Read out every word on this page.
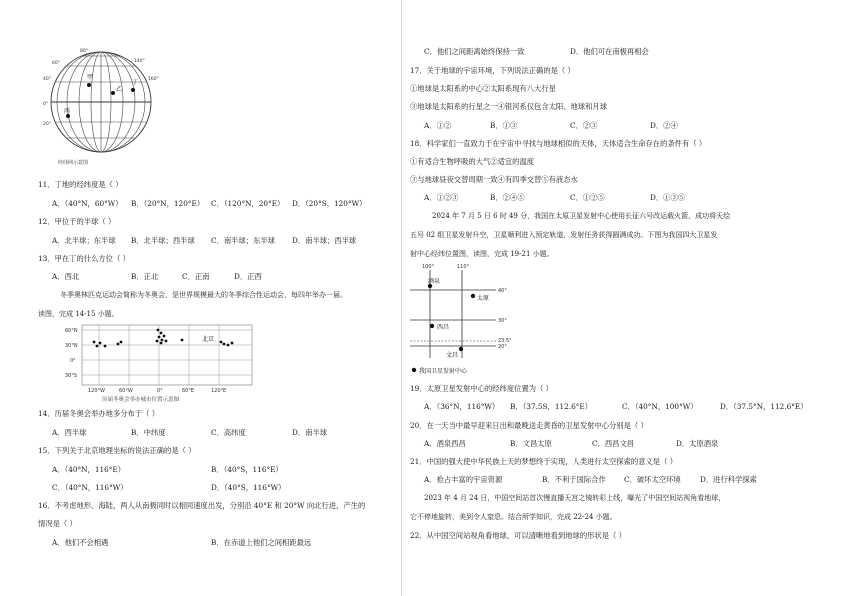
40°
0°
20°
60°
80°
160°
140°
甲
乙
丁
丙
经纬网示意图
11．丁地的经纬度是（ ）
A．（40°N，60°W） B．（20°N，120°E） C．（120°N，20°E） D．（20°S，120°W）
12．甲位于的半球（ ）
A．北半球；东半球 B．北半球；西半球 C．南半球；东半球 D．南半球；西半球
13．甲在丁的什么方位（ ）
A．西北	B．正北	C．正南	D．正西
冬季奥林匹克运动会简称为冬奥会，是世界规模最大的冬季综合性运动会，每四年举办一届。
读图，完成 14-15 小题。
60°N
30°N
0°
30°S
120°W	60°W	0°	60°E	120°E
北京
历届冬奥会举办城市位置示意图
14．历届冬奥会举办地多分布于（ ）
A．西半球	B．中纬度	C．高纬度	D．南半球
15．下列关于北京地理坐标的说法正确的是（ ）
A．（40°N，116°E）	B．（40°S，116°E）
C．（40°N，116°W）	D．（40°S，116°W）
16．不考虑地形、海陆，两人从南极同时以相同速度出发，分别沿 40°E 和 20°W 向北行进，产生的
情况是（ ）
A．他们不会相遇	B．在赤道上他们之间相距最远
C．他们之间距离始终保持一致	D．他们可在南极再相会
17．关于地球的宇宙环境，下列说法正确的是（ ）
①地球是太阳系的中心②太阳系现有八大行星
③地球是太阳系的行星之一④银河系仅包含太阳、地球和月球
A．①②	B．①③	C．②③	D．②④
18．科学家们一直致力于在宇宙中寻找与地球相似的天体，天体适合生命存在的条件有（ ）
①有适合生物呼吸的大气②适宜的温度
③与地球昼夜交替周期一致④有四季交替⑤有液态水
A．①②③	B．②④⑤	C．①②⑤	D．①③⑤
2024 年 7 月 5 日 6 时 49 分，我国在太原卫星发射中心使用长征六号改运载火箭，成功将天绘
五号 02 组卫星发射升空，卫星顺利进入预定轨道，发射任务获得圆满成功。下图为我国四大卫星发
射中心经纬位置图，读图，完成 19-21 小题。
100°	110°
40°
30°
23.5°
20°
酒泉
太原
西昌
文昌
我国卫星发射中心
19．太原卫星发射中心的经纬度位置为（ ）
A．（36°N，116°W） B．（37.5S，112.6°E）	C．（40°N，100°W）	D．（37.5°N，112.6°E）
20．在一天当中最早迎来日出和最晚送走黄昏的卫星发射中心分别是（ ）
A．酒泉西昌	B．文昌太原	C．西昌文昌	D．太原酒泉
21．中国的强大使中华民族上天的梦想终于实现，人类进行太空探索的意义是（ ）
A．抢占丰富的宇宙资源	B．不利于国际合作	C．破坏太空环境	D．进行科学探索
2023 年 4 月 24 日，中国空间站首次慢直播天宫之镜转彩上线，曝光了中国空间站视角看地球，
它不停地旋转，美到令人窒息。结合所学知识，完成 22-24 小题。
22．从中国空间站视角看地球，可以清晰地看到地球的形状是（ ）
